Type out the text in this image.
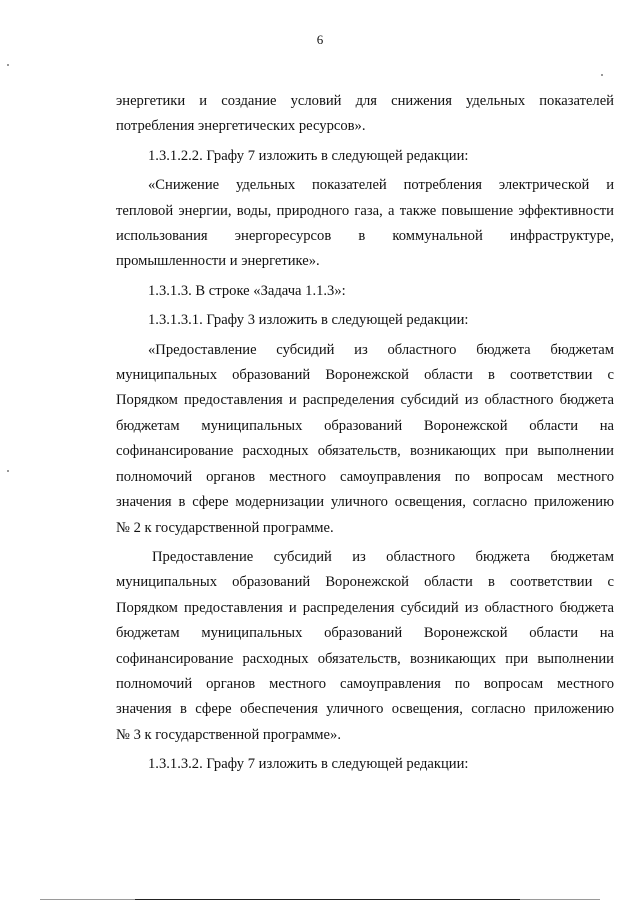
6
энергетики и создание условий для снижения удельных показателей
потребления энергетических ресурсов».
1.3.1.2.2. Графу 7 изложить в следующей редакции:
«Снижение удельных показателей потребления электрической и
тепловой энергии, воды, природного газа, а также повышение эффективности
использования энергоресурсов в коммунальной инфраструктуре,
промышленности и энергетике».
1.3.1.3. В строке «Задача 1.1.3»:
1.3.1.3.1. Графу 3 изложить в следующей редакции:
«Предоставление субсидий из областного бюджета бюджетам
муниципальных образований Воронежской области в соответствии с
Порядком предоставления и распределения субсидий из областного бюджета
бюджетам муниципальных образований Воронежской области на
софинансирование расходных обязательств, возникающих при выполнении
полномочий органов местного самоуправления по вопросам местного
значения в сфере модернизации уличного освещения, согласно приложению
№ 2 к государственной программе.
Предоставление субсидий из областного бюджета бюджетам
муниципальных образований Воронежской области в соответствии с
Порядком предоставления и распределения субсидий из областного бюджета
бюджетам муниципальных образований Воронежской области на
софинансирование расходных обязательств, возникающих при выполнении
полномочий органов местного самоуправления по вопросам местного
значения в сфере обеспечения уличного освещения, согласно приложению
№ 3 к государственной программе».
1.3.1.3.2. Графу 7 изложить в следующей редакции:
